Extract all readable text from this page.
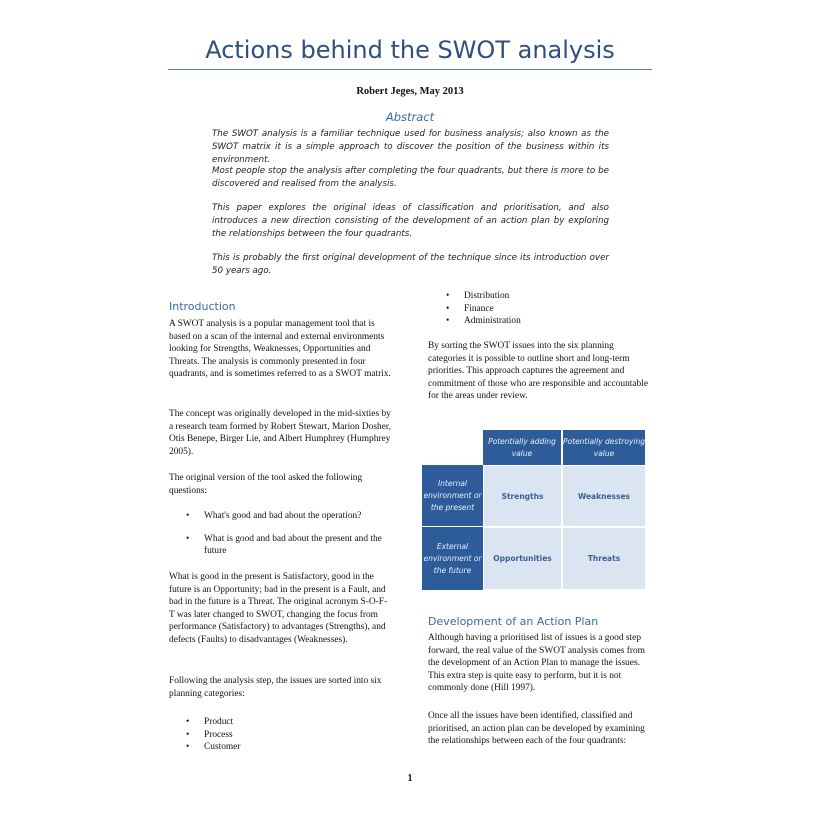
Actions behind the SWOT analysis
Robert Jeges, May 2013
Abstract

The SWOT analysis is a familiar technique used for business analysis; also known as the SWOT matrix it is a simple approach to discover the position of the business within its environment.

Most people stop the analysis after completing the four quadrants, but there is more to be discovered and realised from the analysis.

This paper explores the original ideas of classification and prioritisation, and also introduces a new direction consisting of the development of an action plan by exploring the relationships between the four quadrants.

This is probably the first original development of the technique since its introduction over 50 years ago.

Introduction

A SWOT analysis is a popular management tool that is based on a scan of the internal and external environments looking for Strengths, Weaknesses, Opportunities and Threats. The analysis is commonly presented in four quadrants, and is sometimes referred to as a SWOT matrix.

The concept was originally developed in the mid-sixties by a research team formed by Robert Stewart, Marion Dosher, Otis Benepe, Birger Lie, and Albert Humphrey (Humphrey 2005).

The original version of the tool asked the following questions:

• What's good and bad about the operation?
• What is good and bad about the present and the future

What is good in the present is Satisfactory, good in the future is an Opportunity; bad in the present is a Fault, and bad in the future is a Threat. The original acronym S-O-F-T was later changed to SWOT, changing the focus from performance (Satisfactory) to advantages (Strengths), and defects (Faults) to disadvantages (Weaknesses).

Following the analysis step, the issues are sorted into six planning categories:

• Product
• Process
• Customer
• Distribution
• Finance
• Administration

By sorting the SWOT issues into the six planning categories it is possible to outline short and long-term priorities. This approach captures the agreement and commitment of those who are responsible and accountable for the areas under review.

Potentially adding value
Potentially destroying value
Internal environment or the present
External environment or the future
Strengths	Weaknesses
Opportunities	Threats
Development of an Action Plan

Although having a prioritised list of issues is a good step forward, the real value of the SWOT analysis comes from the development of an Action Plan to manage the issues. This extra step is quite easy to perform, but it is not commonly done (Hill 1997).

Once all the issues have been identified, classified and prioritised, an action plan can be developed by examining the relationships between each of the four quadrants:

1
